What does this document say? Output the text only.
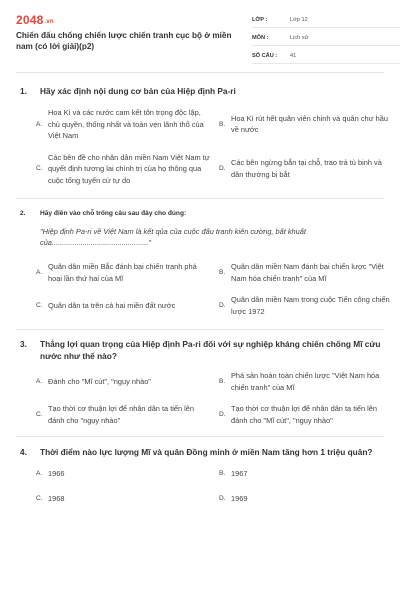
2048.vn
Chiến đấu chống chiến lược chiến tranh cục bộ ở miền nam (có lời giải)(p2)
LỚP :	Lớp 12
MÔN :	Lịch sử
SỐ CÂU :	41
1.	Hãy xác định nội dung cơ bản của Hiệp định Pa-ri
A.
Hoa Kì và các nước cam kết tôn trọng độc lập, chủ quyền, thống nhất và toàn vẹn lãnh thổ của Việt Nam
B.
Hoa Kì rút hết quân viên chinh và quân chư hầu về nước
C.
Các bên đề cho nhân dân miền Nam Việt Nam tự quyết định tương lai chính trị của họ thông qua cuộc tổng tuyển cử tự do
D.
Các bên ngừng bắn tại chỗ, trao trả tù binh và dân thường bị bắt
2.	Hãy điền vào chỗ trống câu sau đây cho đúng:
"Hiệp định Pa-ri về Việt Nam là kết qủa của cuộc đấu tranh kiên cường, bất khuất của..............................................."
A.
Quân dân miền Bắc đánh bại chiến tranh phá hoại lần thứ hai của Mĩ
B.
Quân dân miền Nam đánh bại chiến lược "Việt Nam hóa chiến tranh" của Mĩ
C. Quân dân ta trên cả hai miền đất nước	D.
Quân dân miền Nam trong cuộc Tiến công chiến lược 1972
3.	Thắng lợi quan trọng của Hiệp định Pa-ri đối với sự nghiệp kháng chiến chống Mĩ cứu nước như thế nào?
A. Đánh cho "Mĩ cút", "ngụy nhào"	B.
Phá sản hoàn toàn chiến lược "Việt Nam hóa chiến tranh" của Mĩ
C.
Tạo thời cơ thuận lợi để nhân dân ta tiến lên đánh cho "ngụy nhào"
D.
Tạo thời cơ thuận lợi để nhân dân ta tiến lên đánh cho "Mĩ cút", "ngụy nhào"
4.	Thời điểm nào lực lượng Mĩ và quân Đồng minh ở miền Nam tăng hơn 1 triệu quân?
A. 1966	B. 1967
C. 1968	D. 1969
